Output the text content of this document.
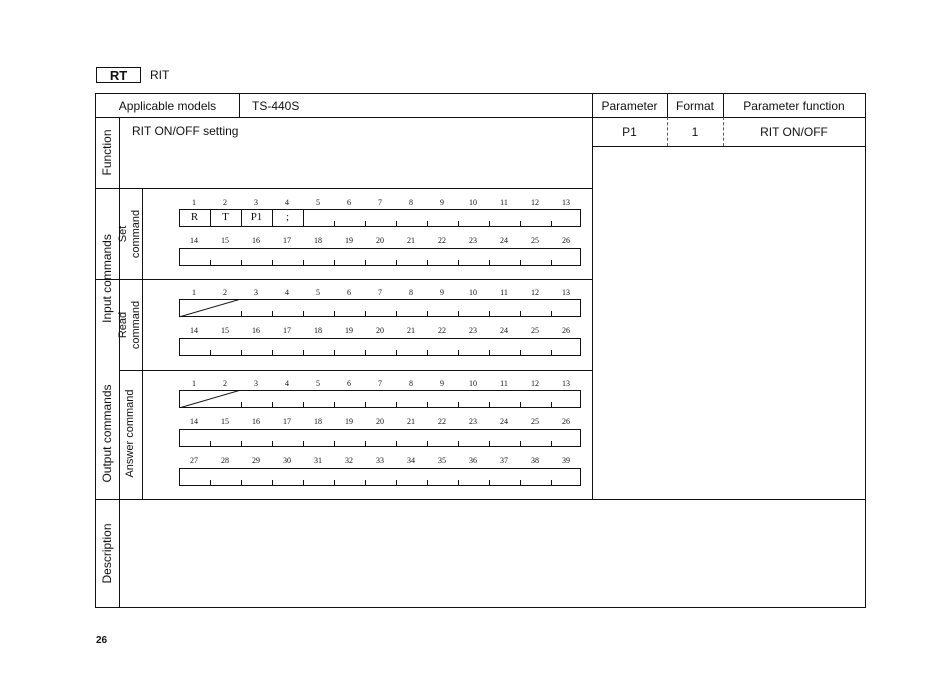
RT	RIT
Applicable models	TS-440S	Parameter	Format	Parameter function
P1	1	RIT ON/OFF
RIT ON/OFF setting
Function
Input commands
Output commands
Description
Set command
Read command
Answer command
1	2	3	4	5	6	7	8	9	10	11	12	13
R	T	P1	;
14	15	16	17	18	19	20	21	22	23	24	25	26
1	2	3	4	5	6	7	8	9	10	11	12	13
14	15	16	17	18	19	20	21	22	23	24	25	26
1	2	3	4	5	6	7	8	9	10	11	12	13
14	15	16	17	18	19	20	21	22	23	24	25	26
27	28	29	30	31	32	33	34	35	36	37	38	39
26
